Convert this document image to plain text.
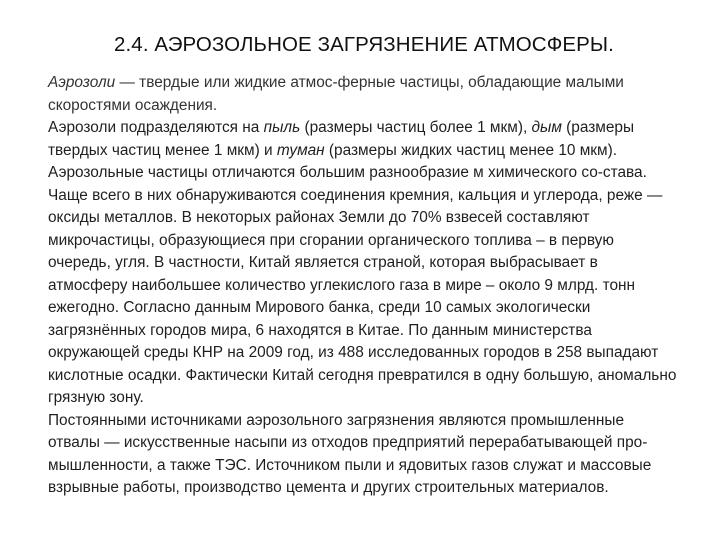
2.4. АЭРОЗОЛЬНОЕ ЗАГРЯЗНЕНИЕ АТМОСФЕРЫ.

Аэрозоли — твердые или жидкие атмос-ферные частицы, обладающие малыми скоростями осаждения.

Аэрозоли подразделяются на пыль (размеры частиц более 1 мкм), дым (размеры твердых частиц менее 1 мкм) и туман (размеры жидких частиц менее 10 мкм). Аэрозольные частицы отличаются большим разнообразие м химического со-става. Чаще всего в них обнаруживаются соединения кремния, кальция и углерода, реже — оксиды металлов. В некоторых районах Земли до 70% взвесей составляют микрочастицы, образующиеся при сгорании органического топлива – в первую очередь, угля. В частности, Китай является страной, которая выбрасывает в атмосферу наибольшее количество углекислого газа в мире – около 9 млрд. тонн ежегодно. Согласно данным Мирового банка, среди 10 самых экологически загрязнённых городов мира, 6 находятся в Китае. По данным министерства окружающей среды КНР на 2009 год, из 488 исследованных городов в 258 выпадают кислотные осадки. Фактически Китай сегодня превратился в одну большую, аномально грязную зону.

Постоянными источниками аэрозольного загрязнения являются промышленные отвалы — искусственные насыпи из отходов предприятий перерабатывающей про-мышленности, а также ТЭС. Источником пыли и ядовитых газов служат и массовые взрывные работы, производство цемента и других строительных материалов.
